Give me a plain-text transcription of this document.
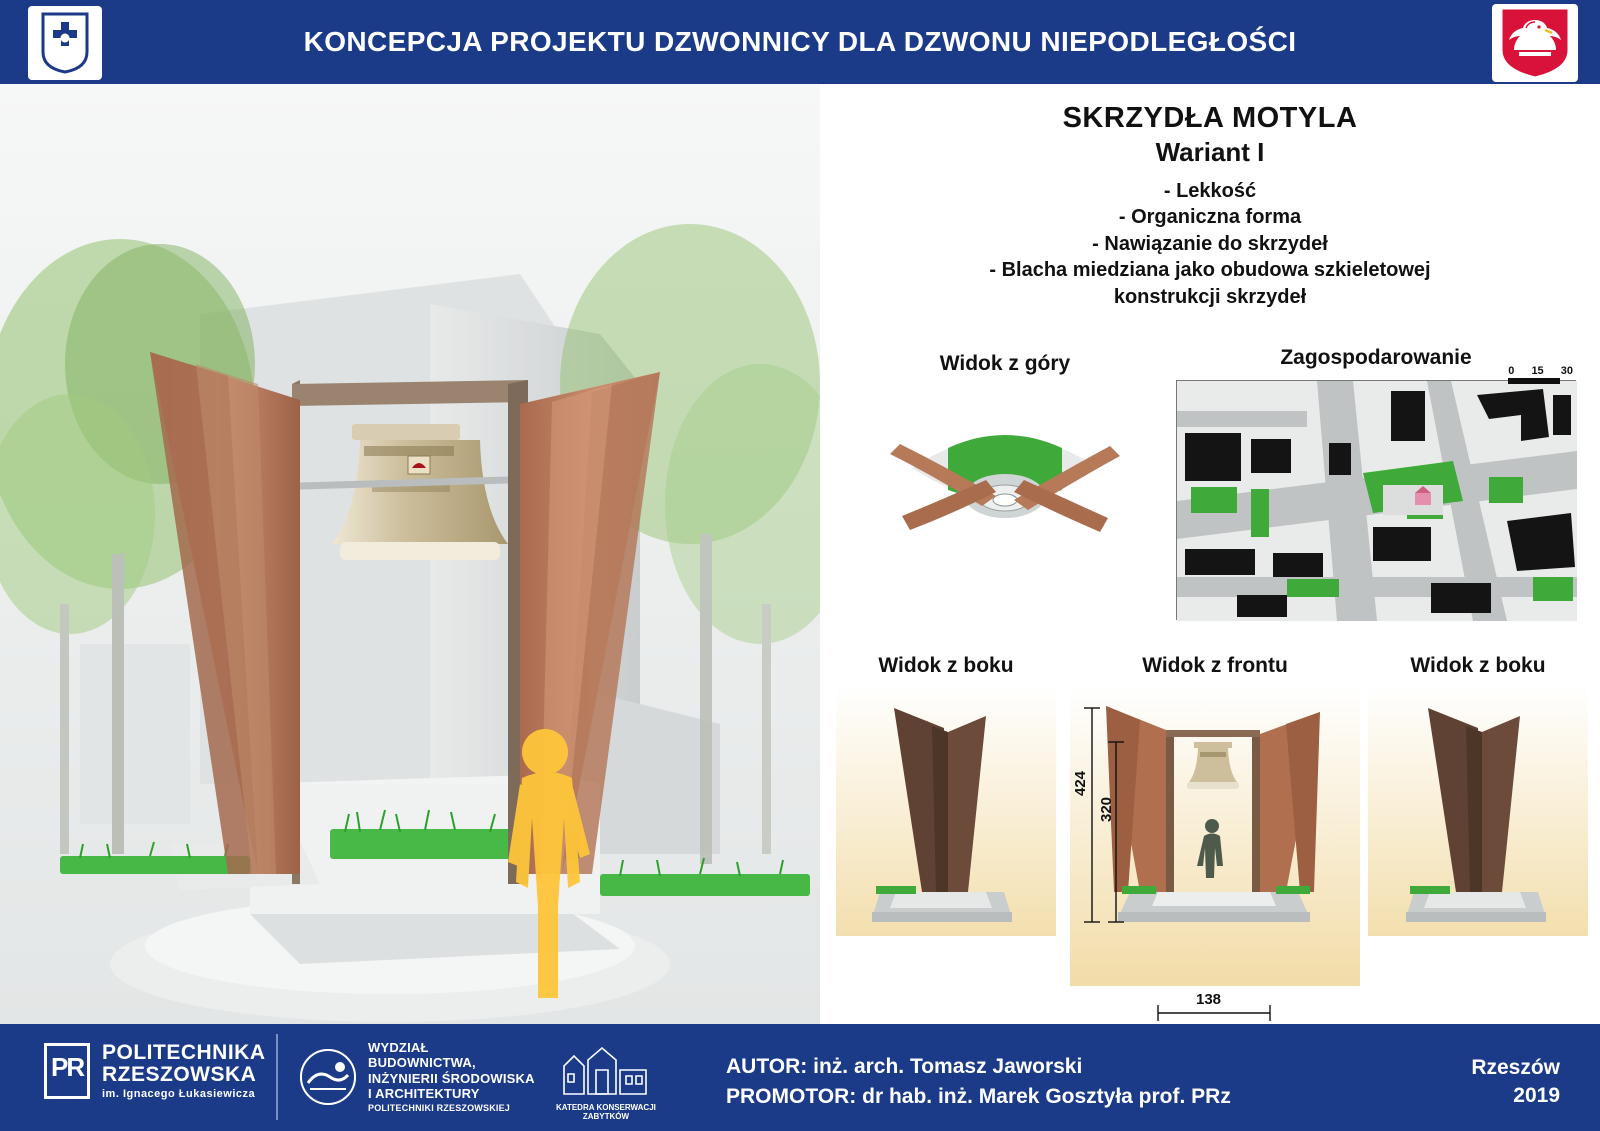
KONCEPCJA PROJEKTU DZWONNICY DLA DZWONU NIEPODLEGŁOŚCI
SKRZYDŁA MOTYLA
Wariant I
- Lekkość
- Organiczna forma
- Nawiązanie do skrzydeł
- Blacha miedziana jako obudowa szkieletowej
konstrukcji skrzydeł
Widok z góry	Zagospodarowanie
0 15 30
Widok z boku	Widok z frontu
424
320
138
Widok z boku
PR
POLITECHNIKA
RZESZOWSKA
im. Ignacego Łukasiewicza
WYDZIAŁ
BUDOWNICTWA,
INŻYNIERII ŚRODOWISKA
I ARCHITEKTURY
POLITECHNIKI RZESZOWSKIEJ	KATEDRA KONSERWACJI
ZABYTKÓW
AUTOR: inż. arch. Tomasz Jaworski
PROMOTOR: dr hab. inż. Marek Gosztyła prof. PRz
Rzeszów
2019
